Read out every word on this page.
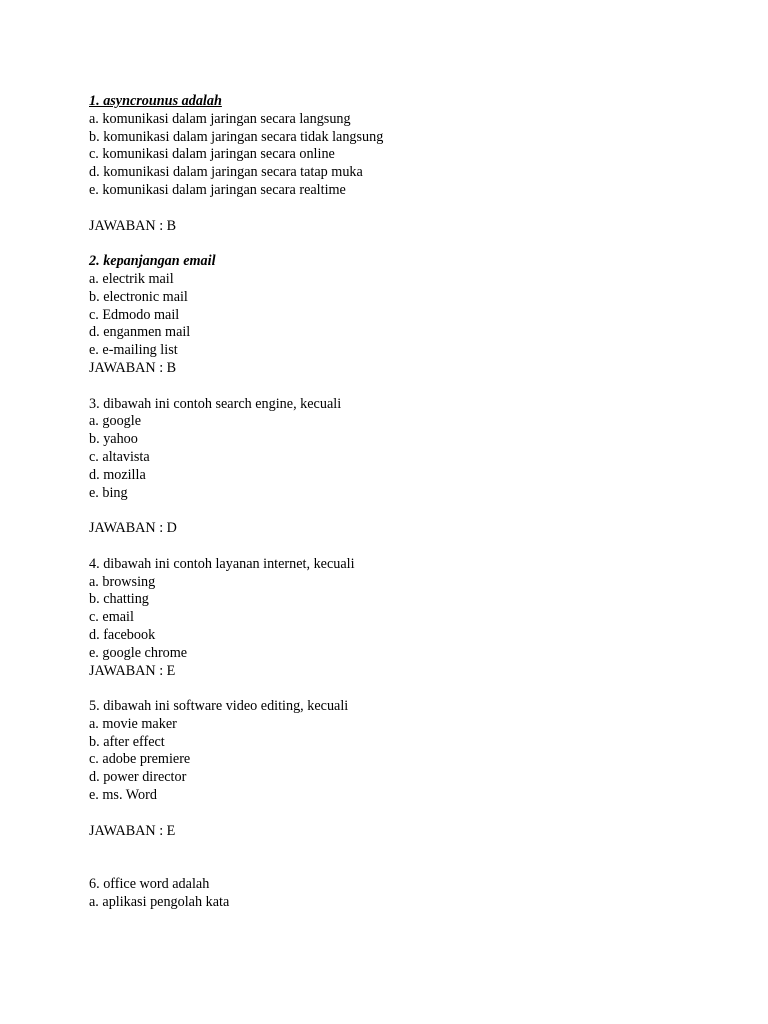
1. asyncrounus adalah
a. komunikasi dalam jaringan secara langsung
b. komunikasi dalam jaringan secara tidak langsung
c. komunikasi dalam jaringan secara online
d. komunikasi dalam jaringan secara tatap muka
e. komunikasi dalam jaringan secara realtime
JAWABAN : B
2. kepanjangan email
a. electrik mail
b. electronic mail
c. Edmodo mail
d. enganmen mail
e. e-mailing list
JAWABAN : B
3. dibawah ini contoh search engine, kecuali
a. google
b. yahoo
c. altavista
d. mozilla
e. bing
JAWABAN : D
4. dibawah ini contoh layanan internet, kecuali
a. browsing
b. chatting
c. email
d. facebook
e. google chrome
JAWABAN : E
5. dibawah ini software video editing, kecuali
a. movie maker
b. after effect
c. adobe premiere
d. power director
e. ms. Word
JAWABAN : E
6. office word adalah
a. aplikasi pengolah kata
